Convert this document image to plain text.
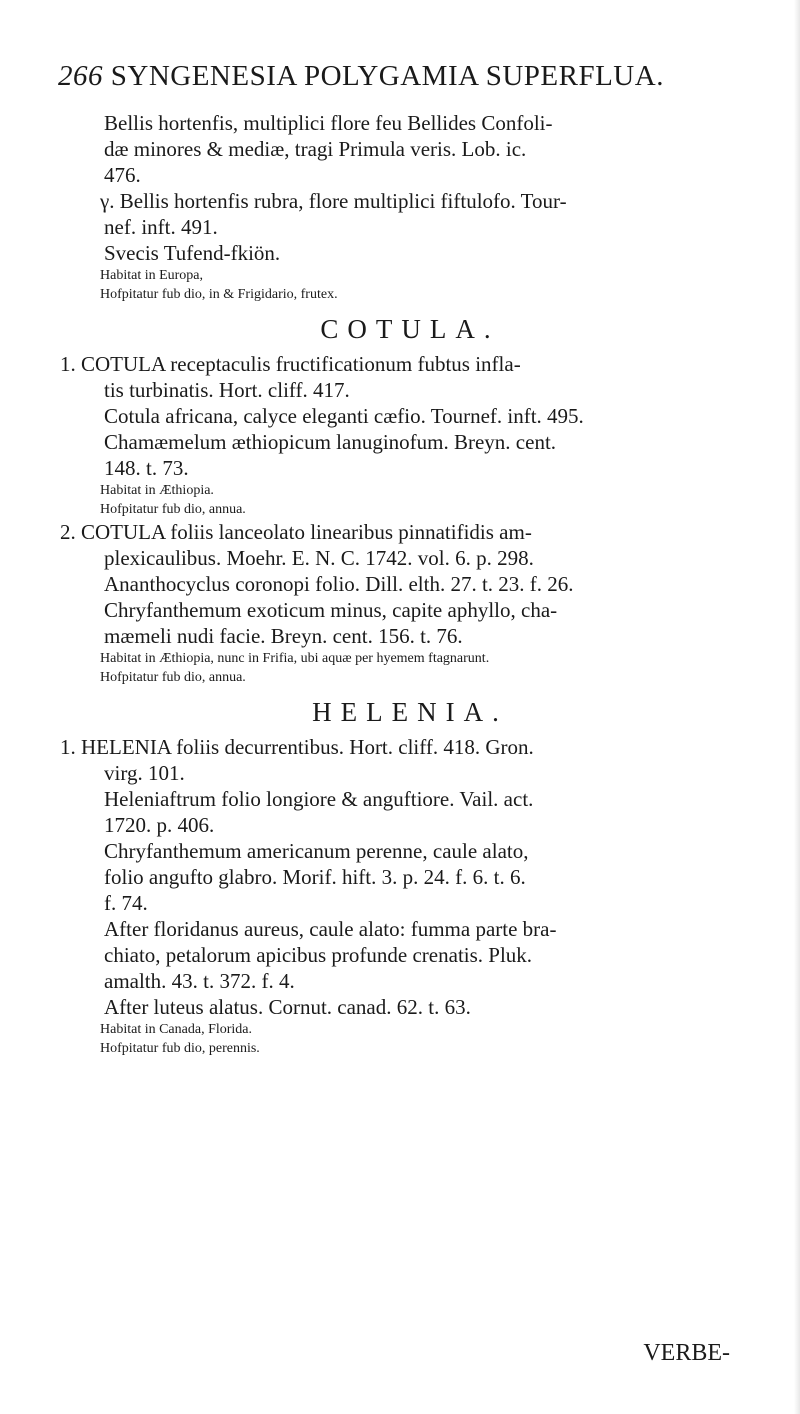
266 SYNGENESIA POLYGAMIA SUPERFLUA.
Bellis hortenfis, multiplici flore feu Bellides Confoli-
dæ minores & mediæ, tragi Primula veris. Lob. ic.
476.
γ. Bellis hortenfis rubra, flore multiplici fiftulofo. Tour-
nef. inft. 491.
Svecis Tufend-fkiön.
Habitat in Europa,
Hofpitatur fub dio, in & Frigidario, frutex.
COTULA.
1. COTULA receptaculis fructificationum fubtus infla-
tis turbinatis. Hort. cliff. 417.
Cotula africana, calyce eleganti cæfio. Tournef. inft. 495.
Chamæmelum æthiopicum lanuginofum. Breyn. cent.
148. t. 73.
Habitat in Æthiopia.
Hofpitatur fub dio, annua.
2. COTULA foliis lanceolato linearibus pinnatifidis am-
plexicaulibus. Moehr. E. N. C. 1742. vol. 6. p. 298.
Ananthocyclus coronopi folio. Dill. elth. 27. t. 23. f. 26.
Chryfanthemum exoticum minus, capite aphyllo, cha-
mæmeli nudi facie. Breyn. cent. 156. t. 76.
Habitat in Æthiopia, nunc in Frifia, ubi aquæ per hyemem ftagnarunt.
Hofpitatur fub dio, annua.
HELENIA.
1. HELENIA foliis decurrentibus. Hort. cliff. 418. Gron.
virg. 101.
Heleniaftrum folio longiore & anguftiore. Vail. act.
1720. p. 406.
Chryfanthemum americanum perenne, caule alato,
folio angufto glabro. Morif. hift. 3. p. 24. f. 6. t. 6.
f. 74.
After floridanus aureus, caule alato: fumma parte bra-
chiato, petalorum apicibus profunde crenatis. Pluk.
amalth. 43. t. 372. f. 4.
After luteus alatus. Cornut. canad. 62. t. 63.
Habitat in Canada, Florida.
Hofpitatur fub dio, perennis.
VERBE-
